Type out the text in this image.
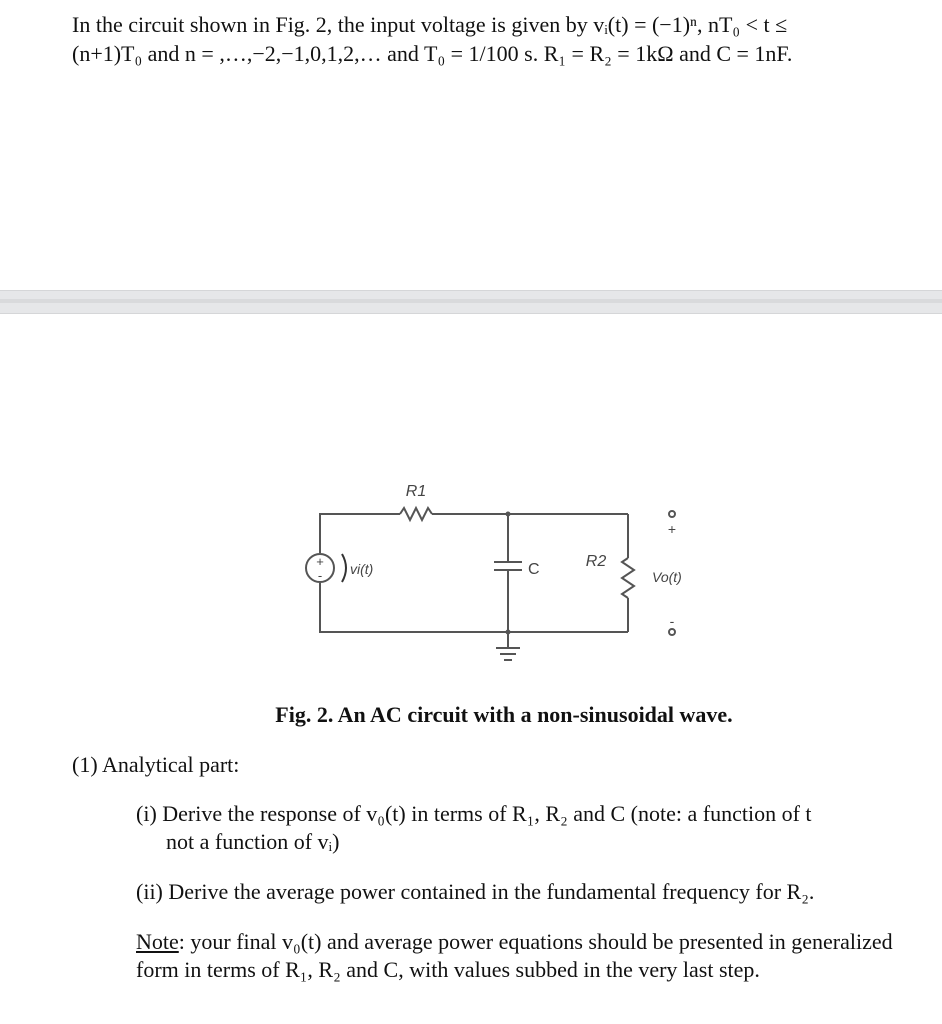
In the circuit shown in Fig. 2, the input voltage is given by vᵢ(t) = (−1)ⁿ, nT₀ < t ≤
(n+1)T₀ and n = ,…,−2,−1,0,1,2,… and T₀ = 1/100 s. R₁ = R₂ = 1kΩ and C = 1nF.
R1
R2
C
vi(t)	Vo(t)
+
-
+
-
Fig. 2. An AC circuit with a non-sinusoidal wave.
(1) Analytical part:
(i) Derive the response of v₀(t) in terms of R₁, R₂ and C (note: a function of t
not a function of vᵢ)
(ii) Derive the average power contained in the fundamental frequency for R₂.
Note: your final v₀(t) and average power equations should be presented in generalized form in terms of R₁, R₂ and C, with values subbed in the very last step.
